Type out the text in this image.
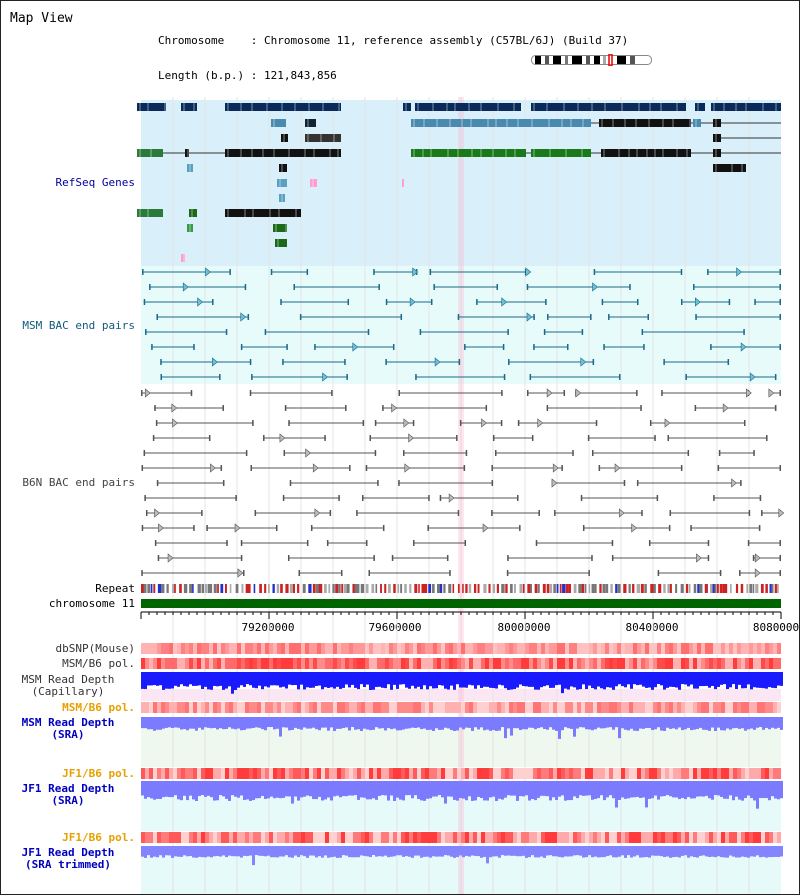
Map View

Chromosome    : Chromosome 11, reference assembly (C57BL/6J) (Build 37)

Length (b.p.) : 121,843,856

RefSeq Genes
MSM BAC end pairs
B6N BAC end pairs
Repeat
chromosome 11
dbSNP(Mouse)
MSM/B6 pol.
MSM Read Depth
(Capillary)
MSM/B6 pol.
MSM Read Depth
(SRA)
JF1/B6 pol.
JF1 Read Depth
(SRA)
JF1/B6 pol.
JF1 Read Depth
(SRA trimmed)
79200000	79600000	80000000	80400000	8080000
